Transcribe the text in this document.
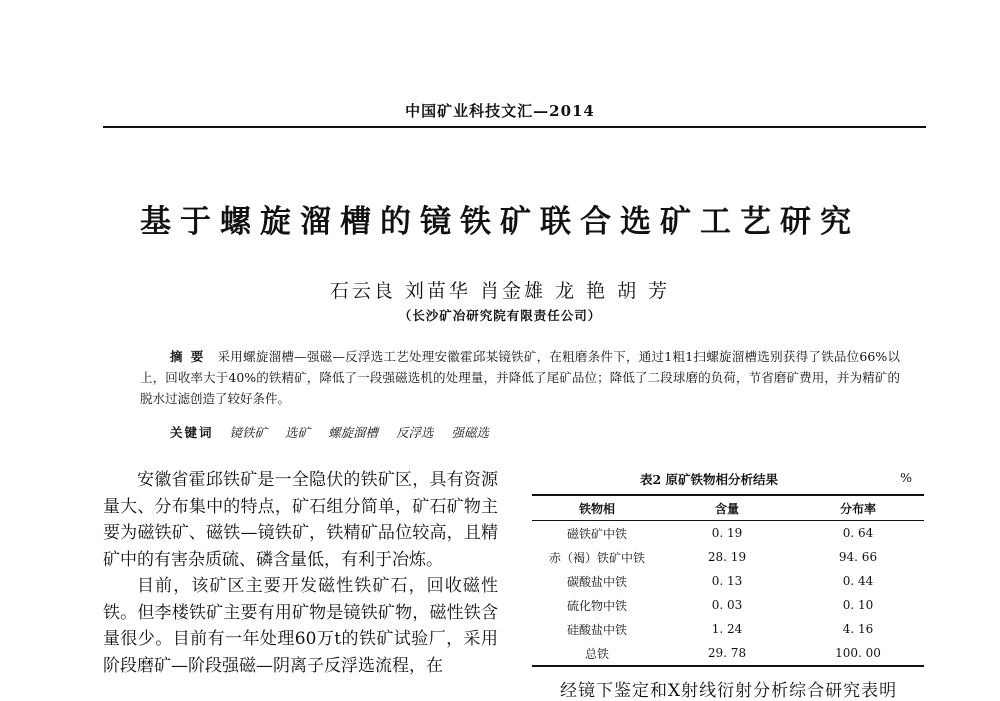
中国矿业科技文汇—2014
基于螺旋溜槽的镜铁矿联合选矿工艺研究
石云良 刘苗华 肖金雄 龙 艳 胡 芳
（长沙矿冶研究院有限责任公司）
摘要 采用螺旋溜槽—强磁—反浮选工艺处理安徽霍邱某镜铁矿，在粗磨条件下，通过1粗1扫螺旋溜槽选别获得了铁品位66%以上，回收率大于40%的铁精矿，降低了一段强磁选机的处理量，并降低了尾矿品位；降低了二段球磨的负荷，节省磨矿费用，并为精矿的脱水过滤创造了较好条件。
关键词 镜铁矿 选矿 螺旋溜槽 反浮选 强磁选

安徽省霍邱铁矿是一全隐伏的铁矿区，具有资源量大、分布集中的特点，矿石组分简单，矿石矿物主要为磁铁矿、磁铁—镜铁矿，铁精矿品位较高，且精矿中的有害杂质硫、磷含量低，有利于冶炼。

目前，该矿区主要开发磁性铁矿石，回收磁性铁。但李楼铁矿主要有用矿物是镜铁矿物，磁性铁含量很少。目前有一年处理60万t的铁矿试验厂，采用阶段磨矿—阶段强磁—阴离子反浮选流程，在

表2 原矿铁物相分析结果	%
铁物相	含量	分布率
磁铁矿中铁	0. 19	0. 64
赤（褐）铁矿中铁	28. 19	94. 66
碳酸盐中铁	0. 13	0. 44
硫化物中铁	0. 03	0. 10
硅酸盐中铁	1. 24	4. 16
总铁	29. 78	100. 00
经镜下鉴定和X射线衍射分析综合研究表明
